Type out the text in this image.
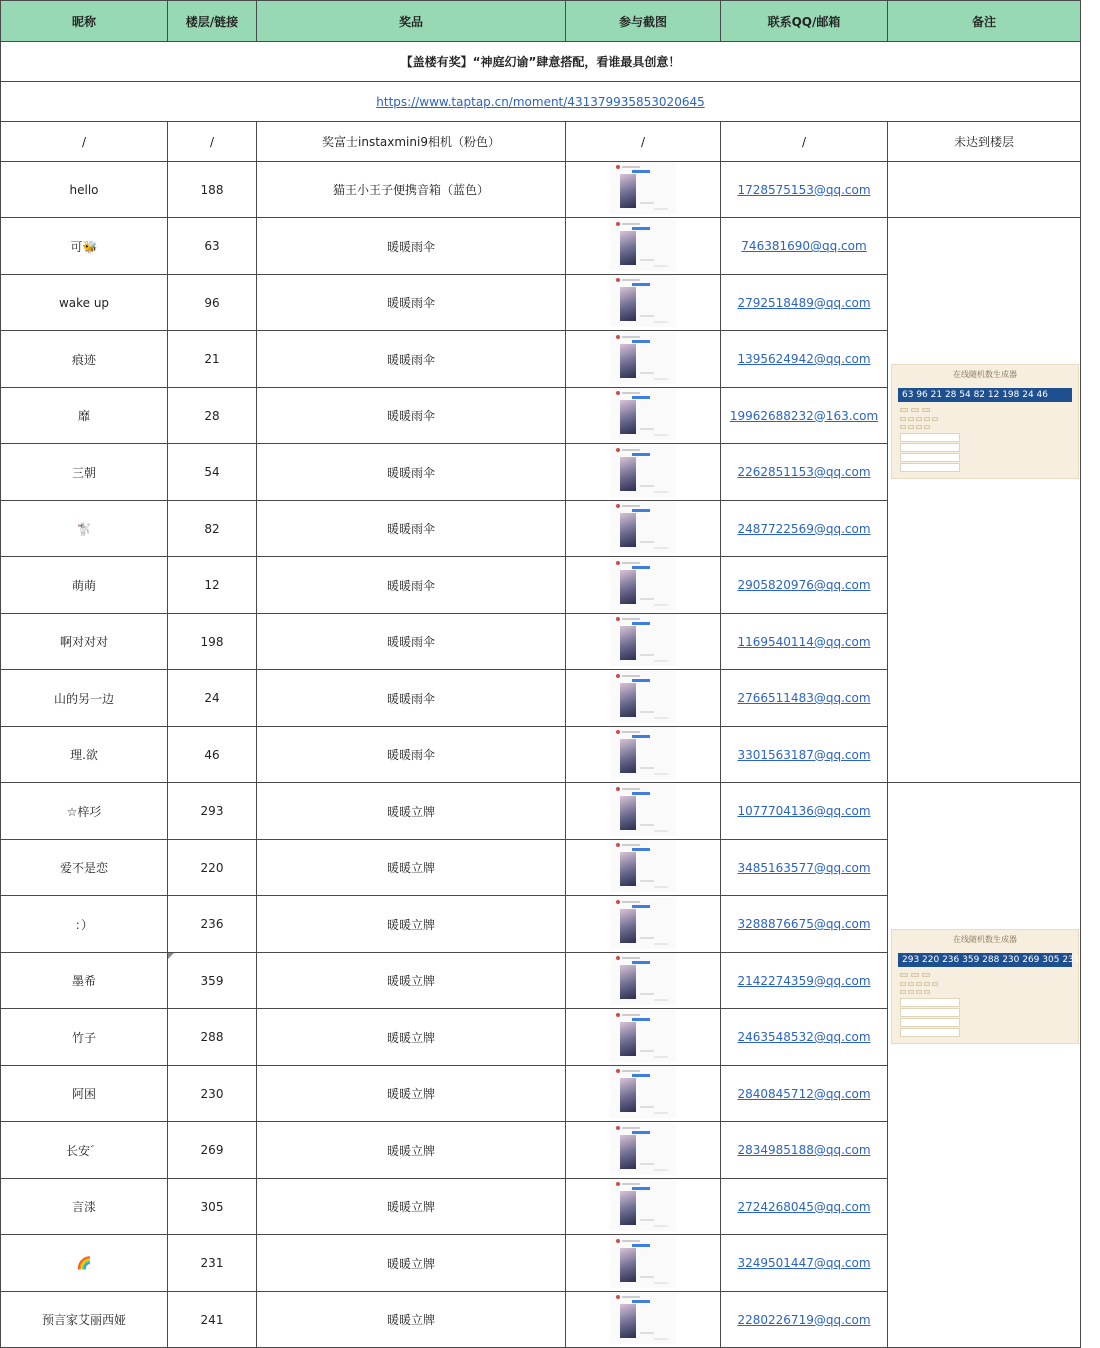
昵称	楼层/链接	奖品	参与截图	联系QQ/邮箱	备注
【盖楼有奖】“神庭幻谕”肆意搭配，看谁最具创意！					
https://www.taptap.cn/moment/431379935853020645					
/	/	奖富士instaxmini9相机（粉色）	/	/	未达到楼层
hello	188	猫王小王子便携音箱（蓝色）		1728575153@qq.com	
可🐝	63	暖暖雨伞		746381690@qq.com	在线随机数生成器
63 96 21 28 54 82 12 198 24 46

wake up	96	暖暖雨伞		2792518489@qq.com	
痕迹	21	暖暖雨伞		1395624942@qq.com	
靡	28	暖暖雨伞		19962688232@163.com	
三朝	54	暖暖雨伞		2262851153@qq.com	
🐩	82	暖暖雨伞		2487722569@qq.com	
萌萌	12	暖暖雨伞		2905820976@qq.com	
啊对对对	198	暖暖雨伞		1169540114@qq.com	
山的另一边	24	暖暖雨伞		2766511483@qq.com	
理.欲	46	暖暖雨伞		3301563187@qq.com	
☆梓㣉	293	暖暖立牌		1077704136@qq.com	在线随机数生成器
293 220 236 359 288 230 269 305 231 241

爱不是恋	220	暖暖立牌		3485163577@qq.com	
：）	236	暖暖立牌		3288876675@qq.com	
墨希	359	暖暖立牌		2142274359@qq.com	
竹子	288	暖暖立牌		2463548532@qq.com	
阿困	230	暖暖立牌		2840845712@qq.com	
长安゛	269	暖暖立牌		2834985188@qq.com	
言渁	305	暖暖立牌		2724268045@qq.com	
🌈	231	暖暖立牌		3249501447@qq.com	
预言家艾丽西娅	241	暖暖立牌		2280226719@qq.com	
